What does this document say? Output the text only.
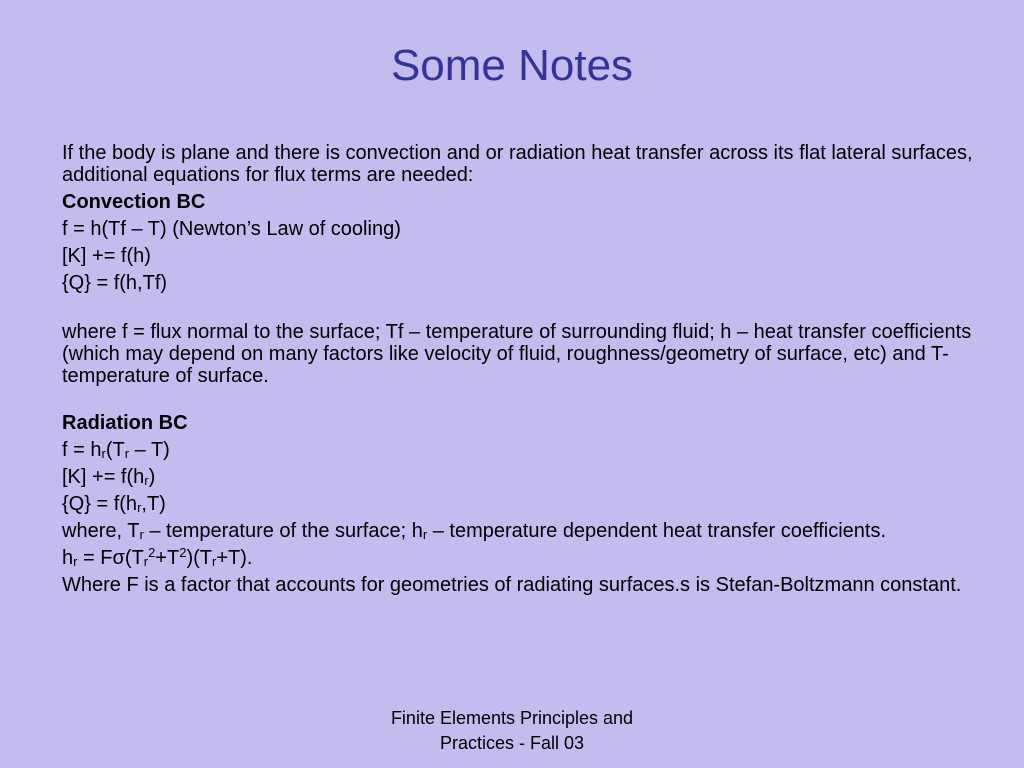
Some Notes
If the body is plane and there is convection and or radiation heat transfer across its flat lateral surfaces, additional equations for flux terms are needed:
Convection BC
f = h(Tf – T) (Newton’s Law of cooling)
[K] += f(h)
{Q} = f(h,Tf)
where f = flux normal to the surface; Tf – temperature of surrounding fluid; h – heat transfer coefficients (which may depend on many factors like velocity of fluid, roughness/geometry of surface, etc) and T- temperature of surface.
Radiation BC
$f = h_r(T_r - T)$
$[K] += f(h_r)$
$\{Q\} = f(h_r,T)$
where, $T_r$ – temperature of the surface; $h_r$ – temperature dependent heat transfer coefficients.
$h_r = F\sigma(T_r^2+T^2)(T_r+T)$.
Where F is a factor that accounts for geometries of radiating surfaces.s is Stefan-Boltzmann constant.
Finite Elements Principles and
Practices - Fall 03
